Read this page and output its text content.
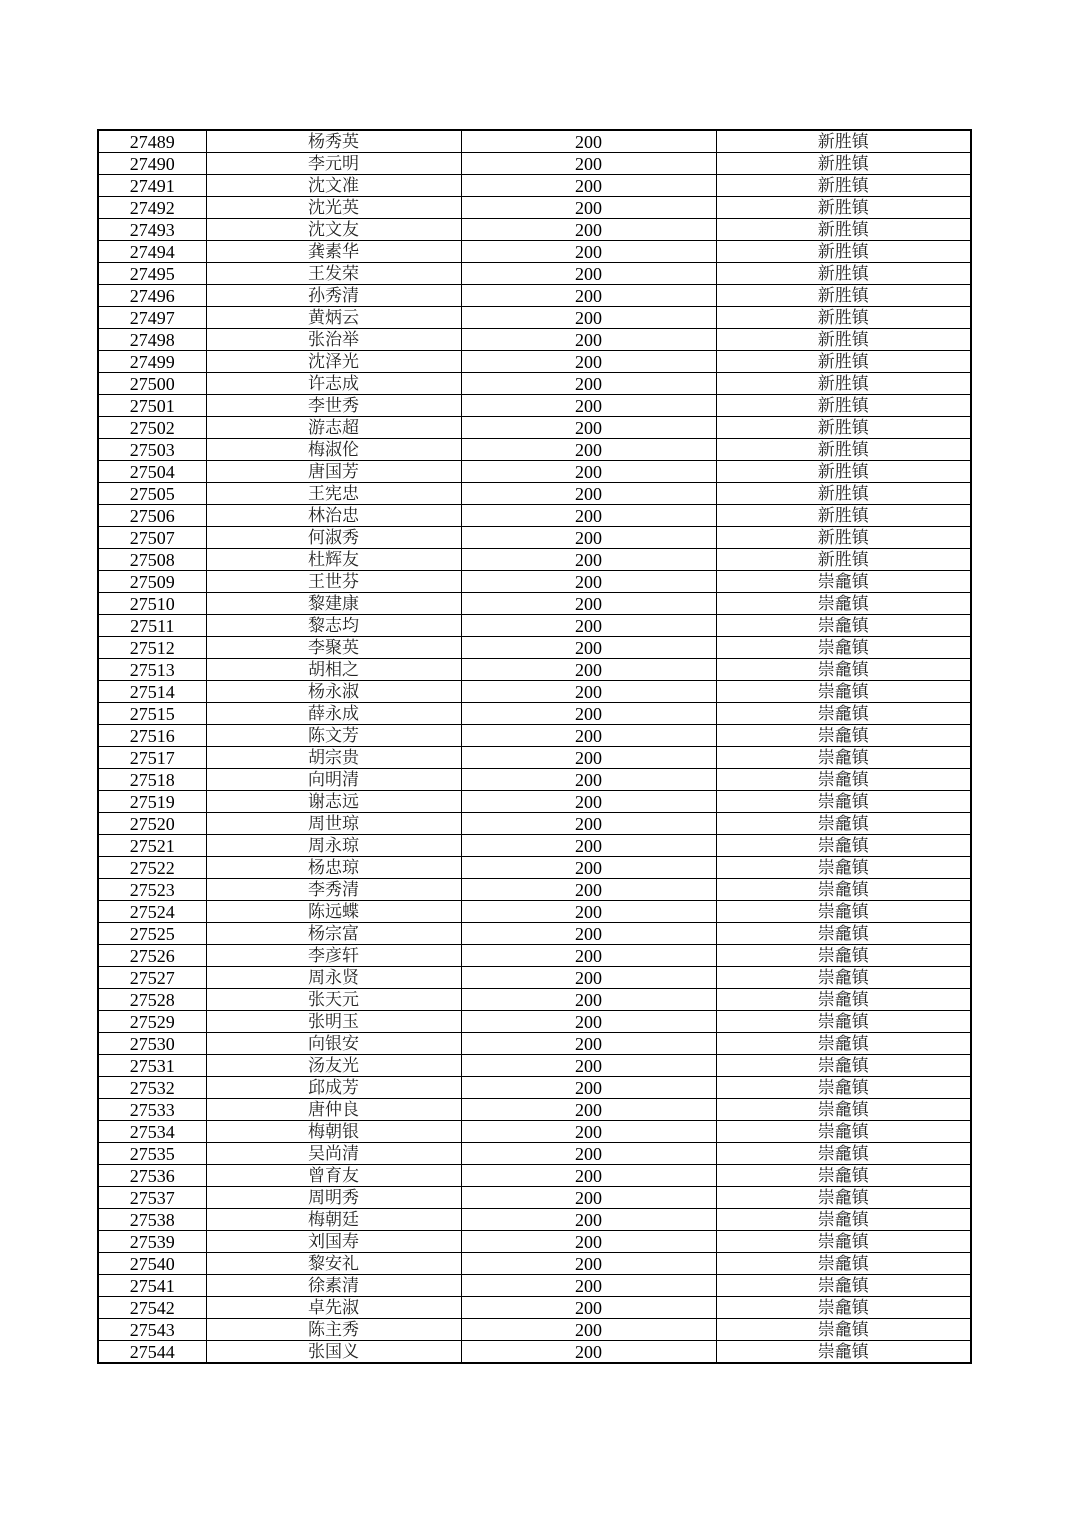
27489	杨秀英	200	新胜镇
27490	李元明	200	新胜镇
27491	沈文准	200	新胜镇
27492	沈光英	200	新胜镇
27493	沈文友	200	新胜镇
27494	龚素华	200	新胜镇
27495	王发荣	200	新胜镇
27496	孙秀清	200	新胜镇
27497	黄炳云	200	新胜镇
27498	张治举	200	新胜镇
27499	沈泽光	200	新胜镇
27500	许志成	200	新胜镇
27501	李世秀	200	新胜镇
27502	游志超	200	新胜镇
27503	梅淑伦	200	新胜镇
27504	唐国芳	200	新胜镇
27505	王宪忠	200	新胜镇
27506	林治忠	200	新胜镇
27507	何淑秀	200	新胜镇
27508	杜辉友	200	新胜镇
27509	王世芬	200	崇龕镇
27510	黎建康	200	崇龕镇
27511	黎志均	200	崇龕镇
27512	李聚英	200	崇龕镇
27513	胡相之	200	崇龕镇
27514	杨永淑	200	崇龕镇
27515	薛永成	200	崇龕镇
27516	陈文芳	200	崇龕镇
27517	胡宗贵	200	崇龕镇
27518	向明清	200	崇龕镇
27519	谢志远	200	崇龕镇
27520	周世琼	200	崇龕镇
27521	周永琼	200	崇龕镇
27522	杨忠琼	200	崇龕镇
27523	李秀清	200	崇龕镇
27524	陈远蝶	200	崇龕镇
27525	杨宗富	200	崇龕镇
27526	李彦轩	200	崇龕镇
27527	周永贤	200	崇龕镇
27528	张天元	200	崇龕镇
27529	张明玉	200	崇龕镇
27530	向银安	200	崇龕镇
27531	汤友光	200	崇龕镇
27532	邱成芳	200	崇龕镇
27533	唐仲良	200	崇龕镇
27534	梅朝银	200	崇龕镇
27535	吴尚清	200	崇龕镇
27536	曾育友	200	崇龕镇
27537	周明秀	200	崇龕镇
27538	梅朝廷	200	崇龕镇
27539	刘国寿	200	崇龕镇
27540	黎安礼	200	崇龕镇
27541	徐素清	200	崇龕镇
27542	卓先淑	200	崇龕镇
27543	陈主秀	200	崇龕镇
27544	张国义	200	崇龕镇
